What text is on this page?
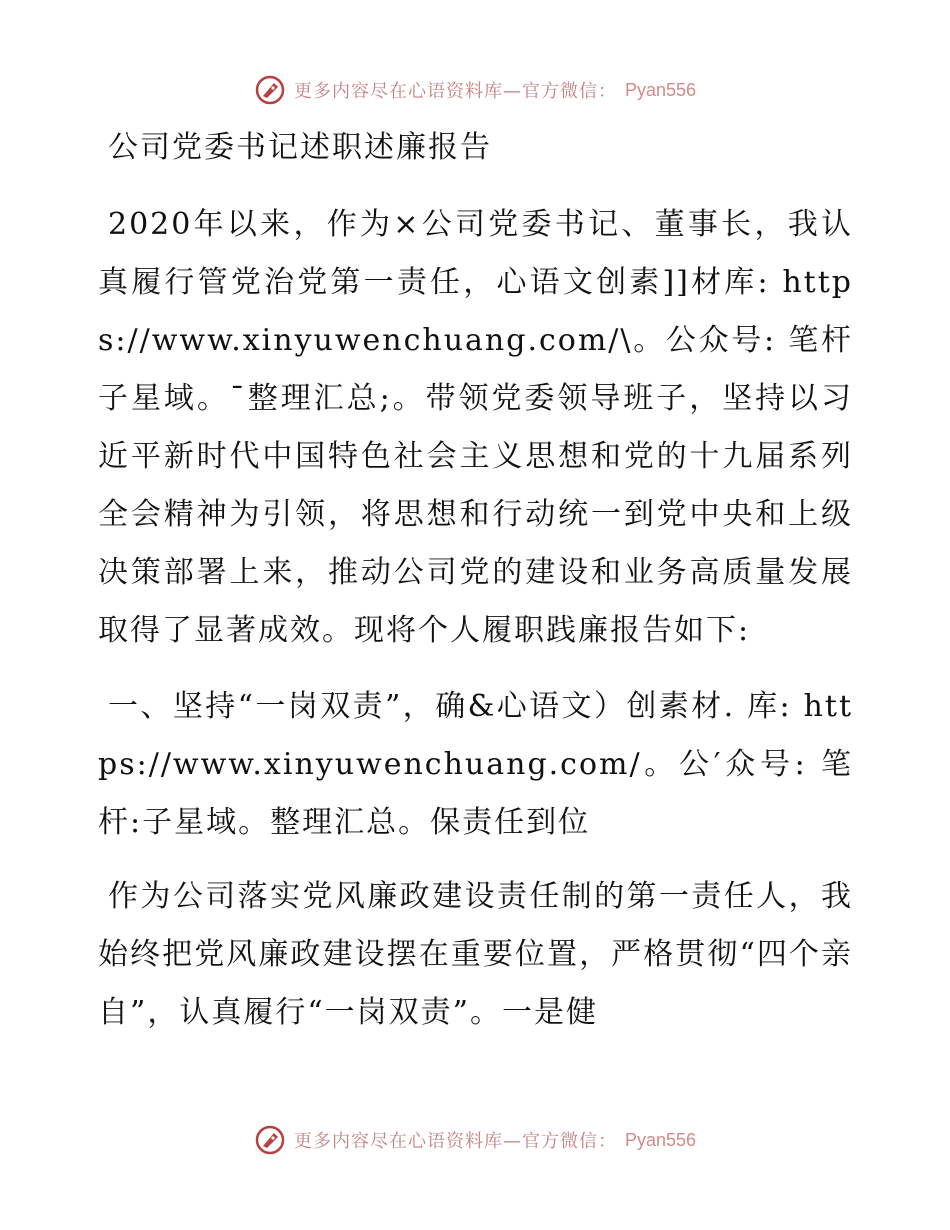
更多内容尽在心语资料库—官方微信： Pyan556
公司党委书记述职述廉报告

2020年以来，作为×公司党委书记、董事长，我认真履行管党治党第一责任，心语文创素]]材库: https://www.xinyuwenchuang.com/\。公众号: 笔杆子星域。¯整理汇总;。带领党委领导班子，坚持以习近平新时代中国特色社会主义思想和党的十九届系列全会精神为引领，将思想和行动统一到党中央和上级决策部署上来，推动公司党的建设和业务高质量发展取得了显著成效。现将个人履职践廉报告如下:

一、坚持“一岗双责”，确&心语文）创素材. 库: https://www.xinyuwenchuang.com/。公′众号: 笔杆:子星域。整理汇总。保责任到位

作为公司落实党风廉政建设责任制的第一责任人，我始终把党风廉政建设摆在重要位置，严格贯彻“四个亲自”，认真履行“一岗双责”。一是健

更多内容尽在心语资料库—官方微信： Pyan556
